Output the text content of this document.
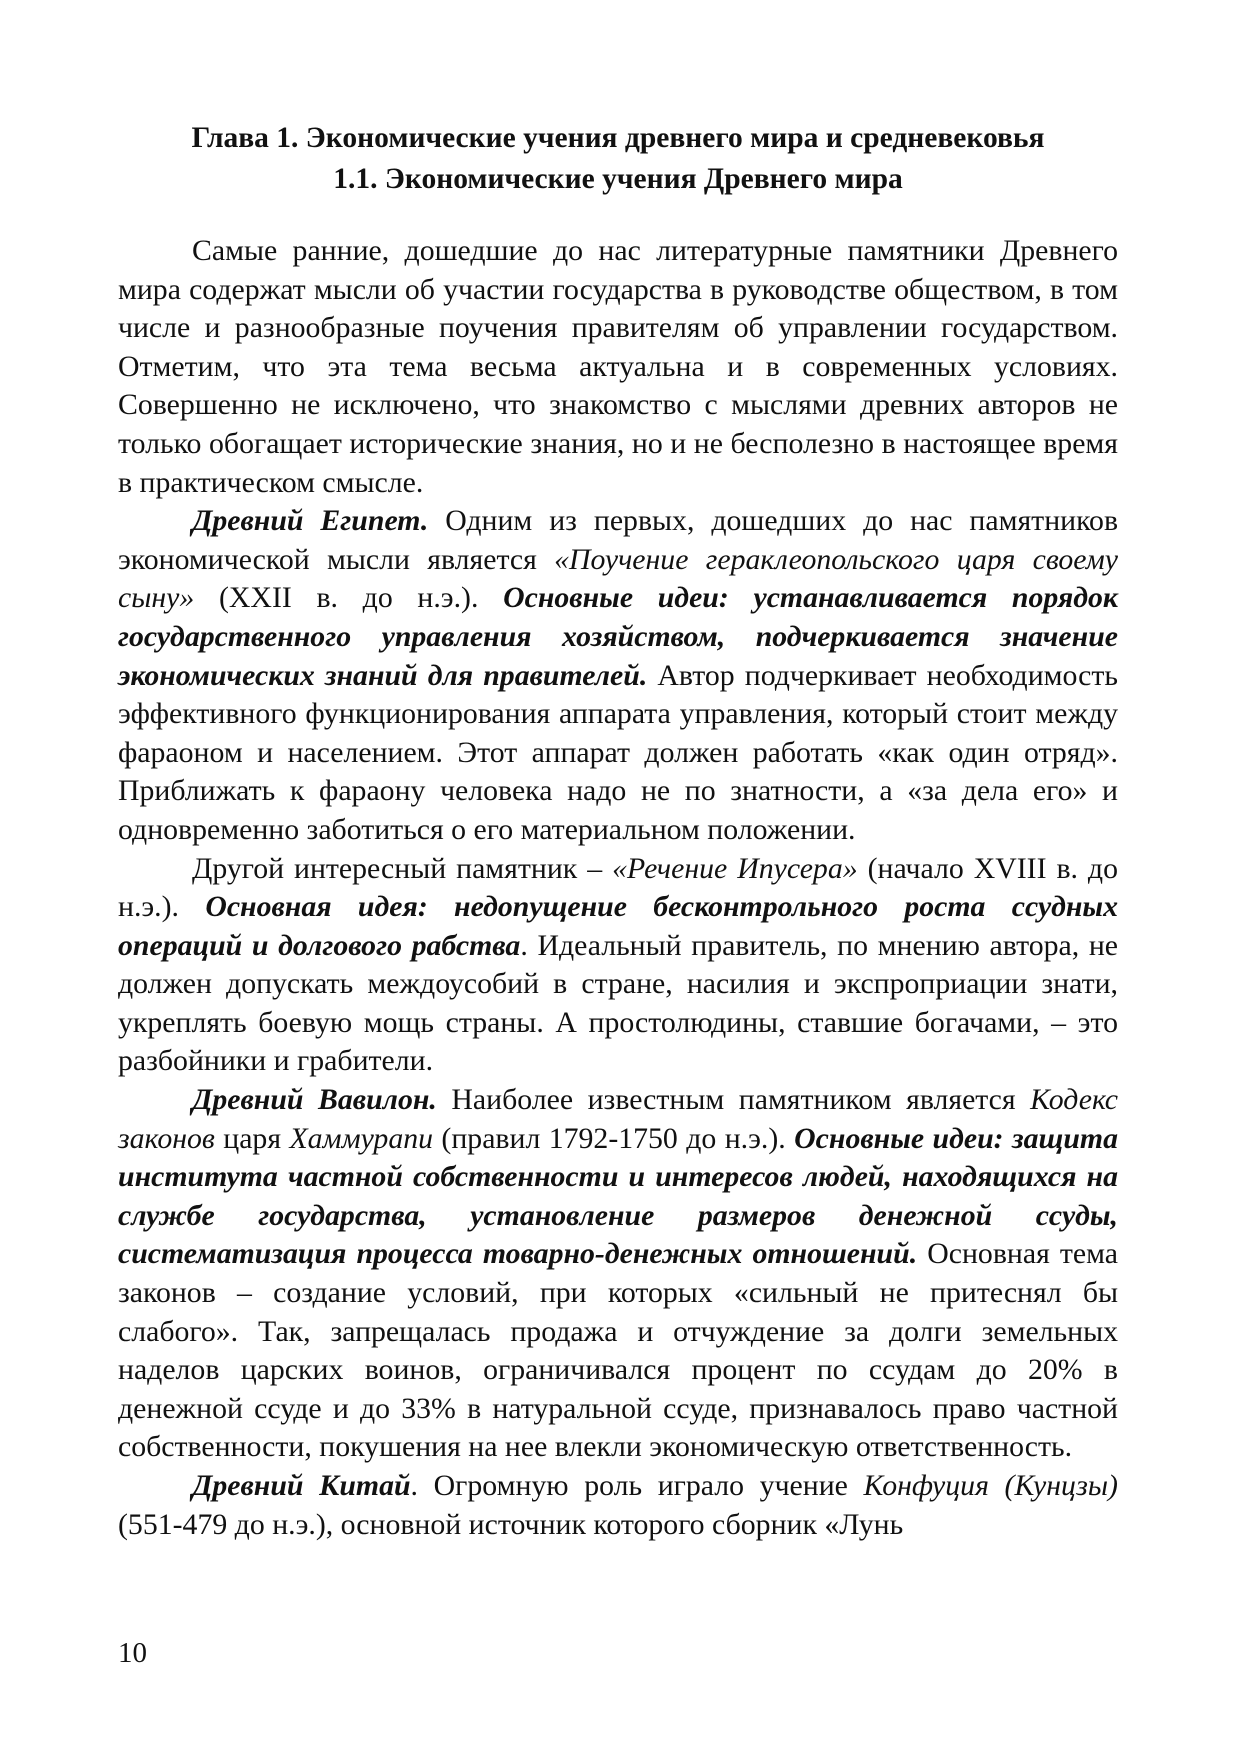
Глава 1. Экономические учения древнего мира и средневековья
1.1. Экономические учения Древнего мира

Самые ранние, дошедшие до нас литературные памятники Древнего мира содержат мысли об участии государства в руководстве обществом, в том числе и разнообразные поучения правителям об управлении государством. Отметим, что эта тема весьма актуальна и в современных условиях. Совершенно не исключено, что знакомство с мыслями древних авторов не только обогащает исторические знания, но и не бесполезно в настоящее время в практическом смысле.

Древний Египет. Одним из первых, дошедших до нас памятников экономической мысли является «Поучение гераклеопольского царя своему сыну» (XXII в. до н.э.). Основные идеи: устанавливается порядок государственного управления хозяйством, подчеркивается значение экономических знаний для правителей. Автор подчеркивает необходимость эффективного функционирования аппарата управления, который стоит между фараоном и населением. Этот аппарат должен работать «как один отряд». Приближать к фараону человека надо не по знатности, а «за дела его» и одновременно заботиться о его материальном положении.

Другой интересный памятник – «Речение Ипусера» (начало XVIII в. до н.э.). Основная идея: недопущение бесконтрольного роста ссудных операций и долгового рабства. Идеальный правитель, по мнению автора, не должен допускать междоусобий в стране, насилия и экспроприации знати, укреплять боевую мощь страны. А простолюдины, ставшие богачами, – это разбойники и грабители.

Древний Вавилон. Наиболее известным памятником является Кодекс законов царя Хаммурапи (правил 1792-1750 до н.э.). Основные идеи: защита института частной собственности и интересов людей, находящихся на службе государства, установление размеров денежной ссуды, систематизация процесса товарно-денежных отношений. Основная тема законов – создание условий, при которых «сильный не притеснял бы слабого». Так, запрещалась продажа и отчуждение за долги земельных наделов царских воинов, ограничивался процент по ссудам до 20% в денежной ссуде и до 33% в натуральной ссуде, признавалось право частной собственности, покушения на нее влекли экономическую ответственность.

Древний Китай. Огромную роль играло учение Конфуция (Кунцзы) (551-479 до н.э.), основной источник которого сборник «Лунь

10
